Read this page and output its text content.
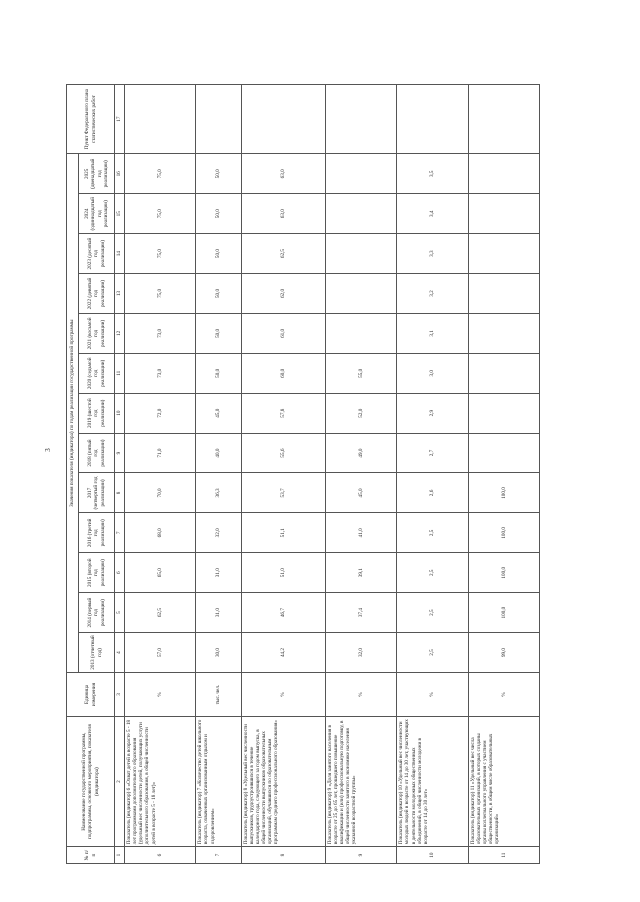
3
№ п/п	Наименование государственной программы, подпрограммы, основного мероприятия, показателя (индикатора)	Единица измерения	Значения показателя (индикатора) по годам реализации государственной программы													Пункт Федерального плана статистических работ
			2013 (отчетный год)	2014 (первый год реализации)	2015 (второй год реализации)	2016 (третий год реализации)	2017 (четвертый год реализации)	2018 (пятый год реализации)	2019 (шестой год реализации)	2020 (седьмой год реализации)	2021 (восьмой год реализации)	2022 (девятый год реализации)	2023 (десятый год реализации)	2024 (одиннадцатый год реализации)	2025 (двенадцатый год реализации)	
1	2	3	4	5	6	7	8	9	10	11	12	13	14	15	16	17
6	Показатель (индикатор) 6 «Охват детей в возрасте 5 - 18 лет программами дополнительного образования (удельный вес численности детей, получающих услуги дополнительного образования, в общей численности детей в возрасте 5 - 18 лет)»	%	57,0	62,5	65,0	68,0	70,0	71,0	72,0	73,0	73,0	75,0	75,0	75,0	75,0	
7	Показатель (индикатор) 7 «Количество детей школьного возраста, охваченных организованным отдыхом и оздоровлением»	тыс. чел.	30,0	31,0	31,0	32,0	36,3	40,0	45,0	50,0	50,0	50,0	50,0	50,0	50,0	
8	Показатель (индикатор) 8 «Удельный вес численности выпускников, трудоустроившихся в течение календарного года, следующего за годом выпуска, в общей численности выпускников образовательных организаций, обучавшихся по образовательным программам среднего профессионального образования»	%	44,2	46,7	51,0	51,1	53,7	55,6	57,8	60,0	61,0	62,0	62,5	63,0	63,0	
9	Показатель (индикатор) 9 «Доля занятого населения в возрасте от 25 до 65 лет, прошедшего повышение квалификации и (или) профессиональную подготовку, в общей численности занятого в экономике населения указанной возрастной группы»	%	32,0	37,4	39,1	41,0	45,0	49,0	52,0	55,0						
10	Показатель (индикатор) 10 «Удельный вес численности молодых людей в возрасте от 14 до 30 лет, участвующих в деятельности молодежных общественных объединений, в общей численности молодежи в возрасте от 14 до 30 лет»	%	2,5	2,5	2,5	2,5	2,6	2,7	2,9	3,0	3,1	3,2	3,3	3,4	3,5	
11	Показатель (индикатор) 11 «Удельный вес числа образовательных организаций, в которых созданы органы коллегиального управления с участием общественности, в общем числе образовательных организаций»	%	99,0	100,0	100,0	100,0	100,0									
